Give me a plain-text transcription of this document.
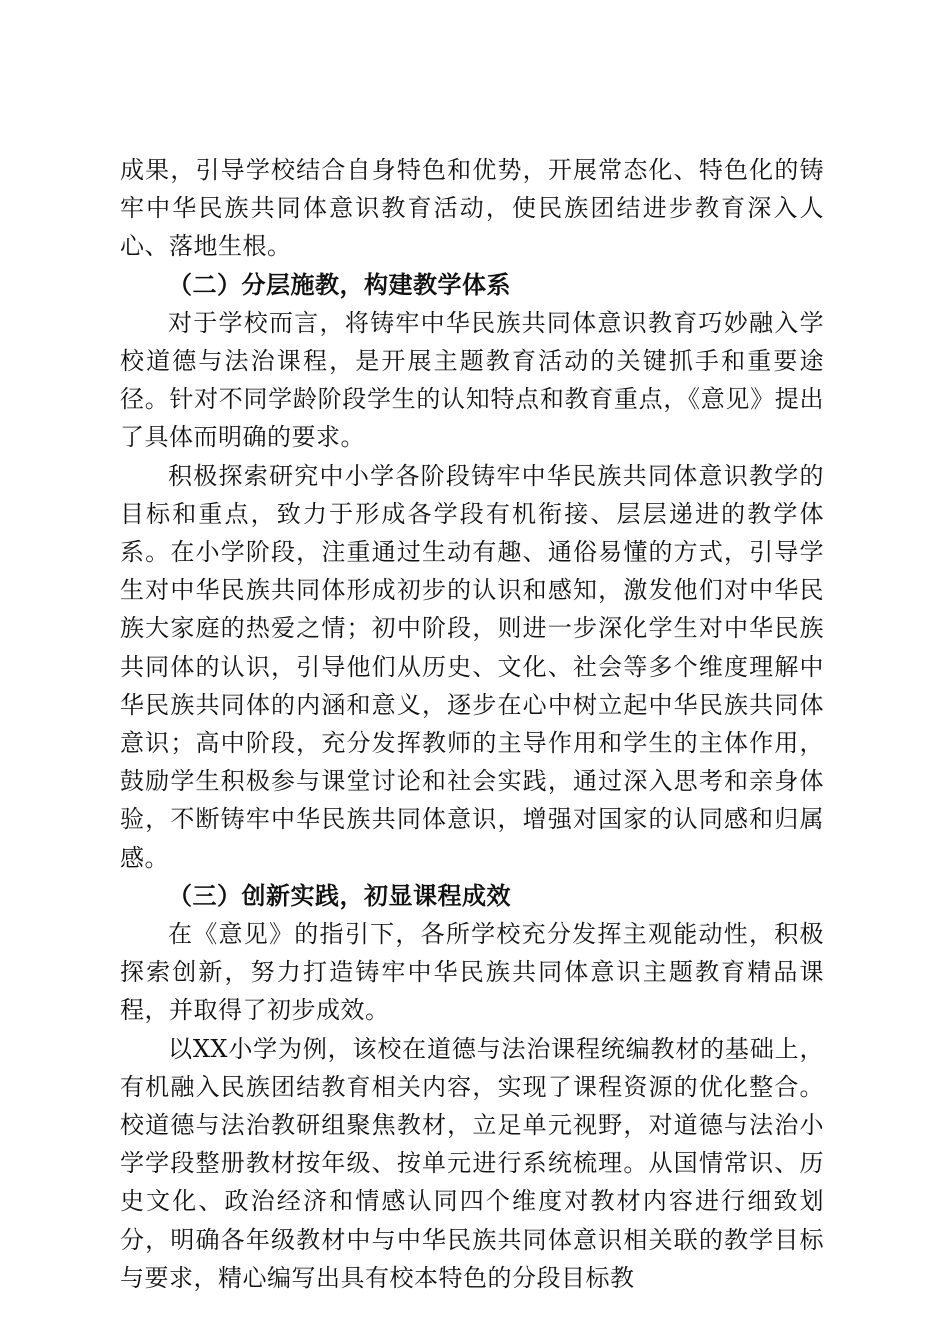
成果，引导学校结合自身特色和优势，开展常态化、特色化的铸牢中华民族共同体意识教育活动，使民族团结进步教育深入人心、落地生根。

（二）分层施教，构建教学体系

对于学校而言，将铸牢中华民族共同体意识教育巧妙融入学校道德与法治课程，是开展主题教育活动的关键抓手和重要途径。针对不同学龄阶段学生的认知特点和教育重点，《意见》提出了具体而明确的要求。

积极探索研究中小学各阶段铸牢中华民族共同体意识教学的目标和重点，致力于形成各学段有机衔接、层层递进的教学体系。在小学阶段，注重通过生动有趣、通俗易懂的方式，引导学生对中华民族共同体形成初步的认识和感知，激发他们对中华民族大家庭的热爱之情；初中阶段，则进一步深化学生对中华民族共同体的认识，引导他们从历史、文化、社会等多个维度理解中华民族共同体的内涵和意义，逐步在心中树立起中华民族共同体意识；高中阶段，充分发挥教师的主导作用和学生的主体作用，鼓励学生积极参与课堂讨论和社会实践，通过深入思考和亲身体验，不断铸牢中华民族共同体意识，增强对国家的认同感和归属感。

（三）创新实践，初显课程成效

在《意见》的指引下，各所学校充分发挥主观能动性，积极探索创新，努力打造铸牢中华民族共同体意识主题教育精品课程，并取得了初步成效。

以XX小学为例，该校在道德与法治课程统编教材的基础上，有机融入民族团结教育相关内容，实现了课程资源的优化整合。校道德与法治教研组聚焦教材，立足单元视野，对道德与法治小学学段整册教材按年级、按单元进行系统梳理。从国情常识、历史文化、政治经济和情感认同四个维度对教材内容进行细致划分，明确各年级教材中与中华民族共同体意识相关联的教学目标与要求，精心编写出具有校本特色的分段目标教
